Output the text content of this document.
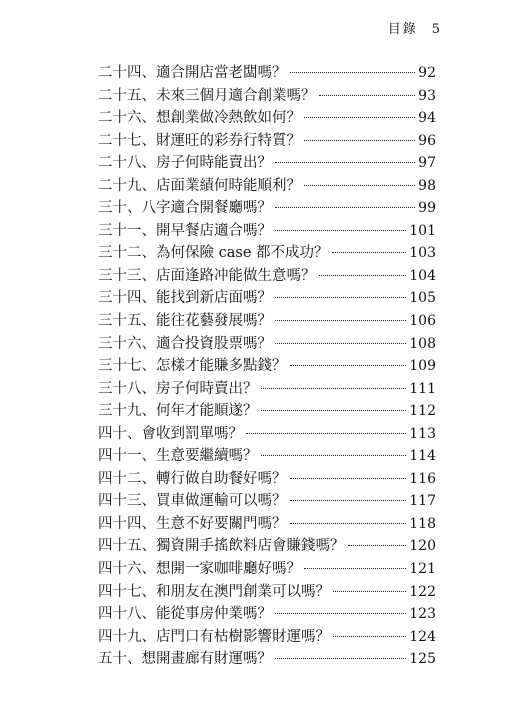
目錄 5
二十四、適合開店當老闆嗎？	92
二十五、未來三個月適合創業嗎？	93
二十六、想創業做冷熱飲如何？	94
二十七、財運旺的彩券行特質？	96
二十八、房子何時能賣出？	97
二十九、店面業績何時能順利？	98
三十、八字適合開餐廳嗎？	99
三十一、開早餐店適合嗎？	101
三十二、為何保險 case 都不成功？	103
三十三、店面逢路冲能做生意嗎？	104
三十四、能找到新店面嗎？	105
三十五、能往花藝發展嗎？	106
三十六、適合投資股票嗎？	108
三十七、怎樣才能賺多點錢？	109
三十八、房子何時賣出？	111
三十九、何年才能順遂？	112
四十、會收到罰單嗎？	113
四十一、生意要繼續嗎？	114
四十二、轉行做自助餐好嗎？	116
四十三、買車做運輸可以嗎？	117
四十四、生意不好要關門嗎？	118
四十五、獨資開手搖飲料店會賺錢嗎？	120
四十六、想開一家咖啡廳好嗎？	121
四十七、和朋友在澳門創業可以嗎？	122
四十八、能從事房仲業嗎？	123
四十九、店門口有枯樹影響財運嗎？	124
五十、想開畫廊有財運嗎？	125
